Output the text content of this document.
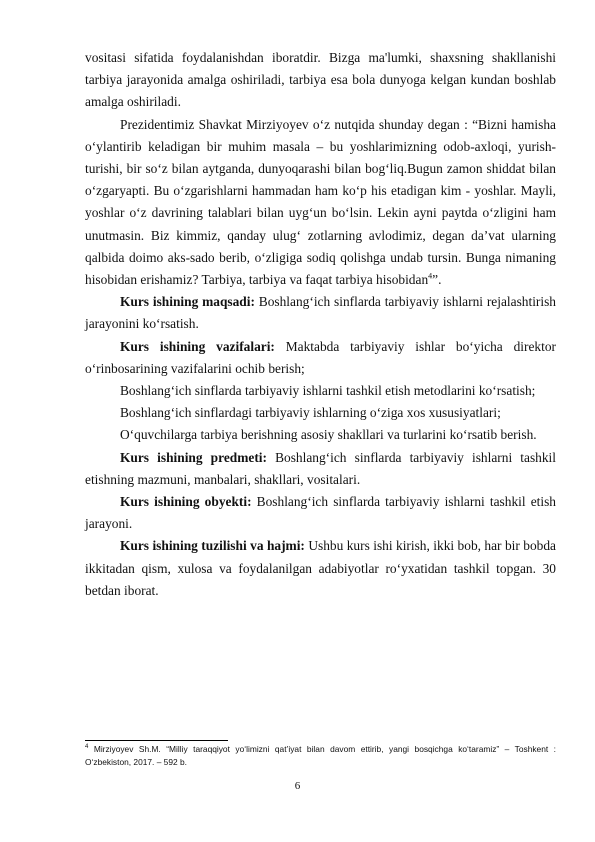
vositasi sifatida foydalanishdan iboratdir. Bizga ma'lumki, shaxsning shakllanishi tarbiya jarayonida amalga oshiriladi, tarbiya esa bola dunyoga kelgan kundan boshlab amalga oshiriladi.

Prezidentimiz Shavkat Mirziyoyev o‘z nutqida shunday degan : “Bizni hamisha o‘ylantirib keladigan bir muhim masala – bu yoshlarimizning odob-axloqi, yurish-turishi, bir so‘z bilan aytganda, dunyoqarashi bilan bog‘liq.Bugun zamon shiddat bilan o‘zgaryapti. Bu o‘zgarishlarni hammadan ham ko‘p his etadigan kim - yoshlar. Mayli, yoshlar o‘z davrining talablari bilan uyg‘un bo‘lsin. Lekin ayni paytda o‘zligini ham unutmasin. Biz kimmiz, qanday ulug‘ zotlarning avlodimiz, degan da’vat ularning qalbida doimo aks-sado berib, o‘zligiga sodiq qolishga undab tursin. Bunga nimaning hisobidan erishamiz? Tarbiya, tarbiya va faqat tarbiya hisobidan$^4$”.

Kurs ishining maqsadi: Boshlang‘ich sinflarda tarbiyaviy ishlarni rejalashtirish jarayonini ko‘rsatish.

Kurs ishining vazifalari: Maktabda tarbiyaviy ishlar bo‘yicha direktor o‘rinbosarining vazifalarini ochib berish;

Boshlang‘ich sinflarda tarbiyaviy ishlarni tashkil etish metodlarini ko‘rsatish;

Boshlang‘ich sinflardagi tarbiyaviy ishlarning o‘ziga xos xususiyatlari;

O‘quvchilarga tarbiya berishning asosiy shakllari va turlarini ko‘rsatib berish.

Kurs ishining predmeti: Boshlang‘ich sinflarda tarbiyaviy ishlarni tashkil etishning mazmuni, manbalari, shakllari, vositalari.

Kurs ishining obyekti: Boshlang‘ich sinflarda tarbiyaviy ishlarni tashkil etish jarayoni.

Kurs ishining tuzilishi va hajmi: Ushbu kurs ishi kirish, ikki bob, har bir bobda ikkitadan qism, xulosa va foydalanilgan adabiyotlar ro‘yxatidan tashkil topgan. 30 betdan iborat.

$^4$ Mirziyoyev Sh.M. “Milliy taraqqiyot yo‘limizni qat’iyat bilan davom ettirib, yangi bosqichga ko‘taramiz” – Toshkent : O‘zbekiston, 2017. – 592 b.
6
